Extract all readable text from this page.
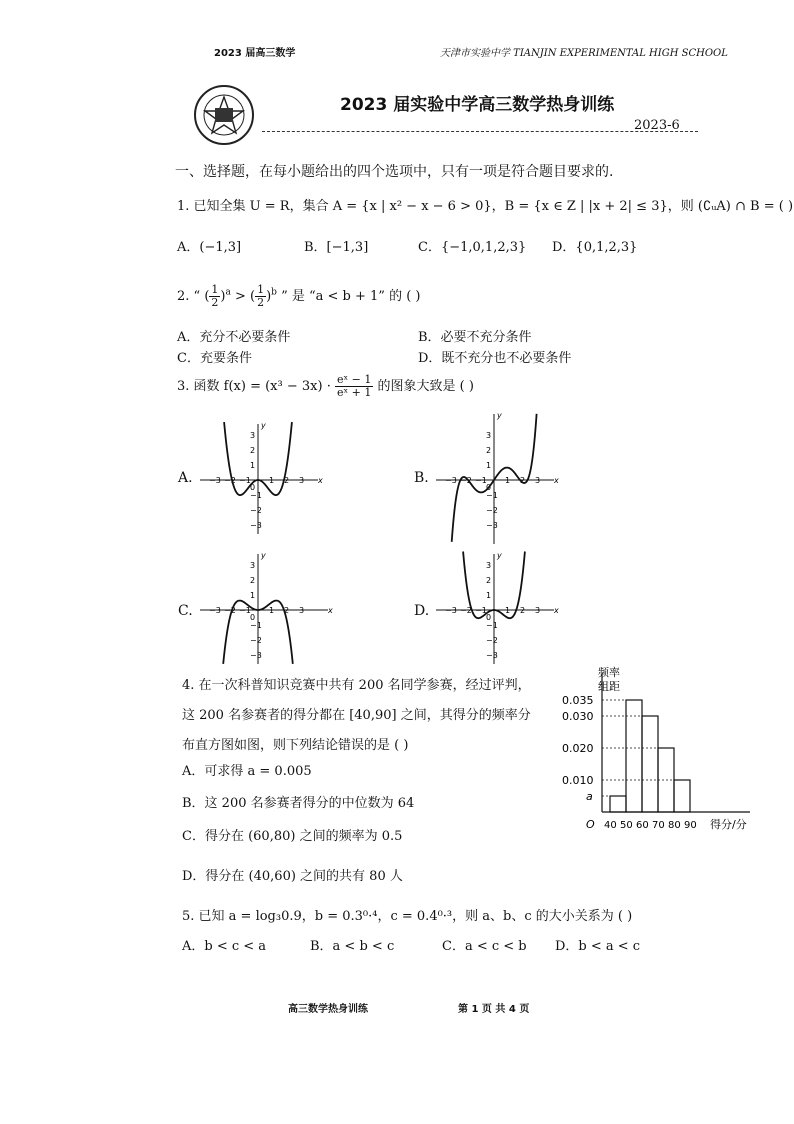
2023 届高三数学	天津市实验中学 TIANJIN EXPERIMENTAL HIGH SCHOOL
2023 届实验中学高三数学热身训练
2023-6
一、选择题，在每小题给出的四个选项中，只有一项是符合题目要求的.
1. 已知全集 U = R，集合 A = {x | x² − x − 6 > 0}，B = {x ∈ Z | |x + 2| ≤ 3}，则 (∁ᵤA) ∩ B = ( )
A．(−1,3]	B．[−1,3]	C．{−1,0,1,2,3} D．{0,1,2,3}
2. “ ( $\frac{1}{2} )^a$ > ( $\frac{1}{2} )^b$ ” 是 “a < b + 1” 的 ( )
A．充分不必要条件	B．必要不充分条件
C．充要条件	D．既不充分也不必要条件
3. 函数 $f(x) = (x^3 - 3x) \cdot \frac{\text{eˣ − 1}}{\text{eˣ + 1}}$ 的图象大致是 ( )
A.	B.
C.	D.
−3 −2 −1
0
1 2 3
3
2
1
−1
−2
−3
x
y
−3 −2 −1
0
1 2 3
3
2
1
−1
−2
−3
x
y
−3 −2 −1
0
1 2 3
3
2
1
−1
−2
−3
x
y
−3 −2 −1
0
1 2 3
3
2
1
−1
−2
−3
x
y
4. 在一次科普知识竞赛中共有 200 名同学参赛，经过评判，
这 200 名参赛者的得分都在 [40,90] 之间，其得分的频率分
布直方图如图，则下列结论错误的是 ( )
A．可求得 a = 0.005
B．这 200 名参赛者得分的中位数为 64
C．得分在 (60,80) 之间的频率为 0.5
D．得分在 (40,60) 之间的共有 80 人
频率
组距
O
a
0.035
0.030
0.020
0.010
40 50 60 70 80 90 得分/分
5. 已知 a = log₃0.9，b = 0.3⁰·⁴，c = 0.4⁰·³，则 a、b、c 的大小关系为 ( )
A．b < c < a	B．a < b < c	C．a < c < b D．b < a < c
高三数学热身训练	第 1 页 共 4 页
